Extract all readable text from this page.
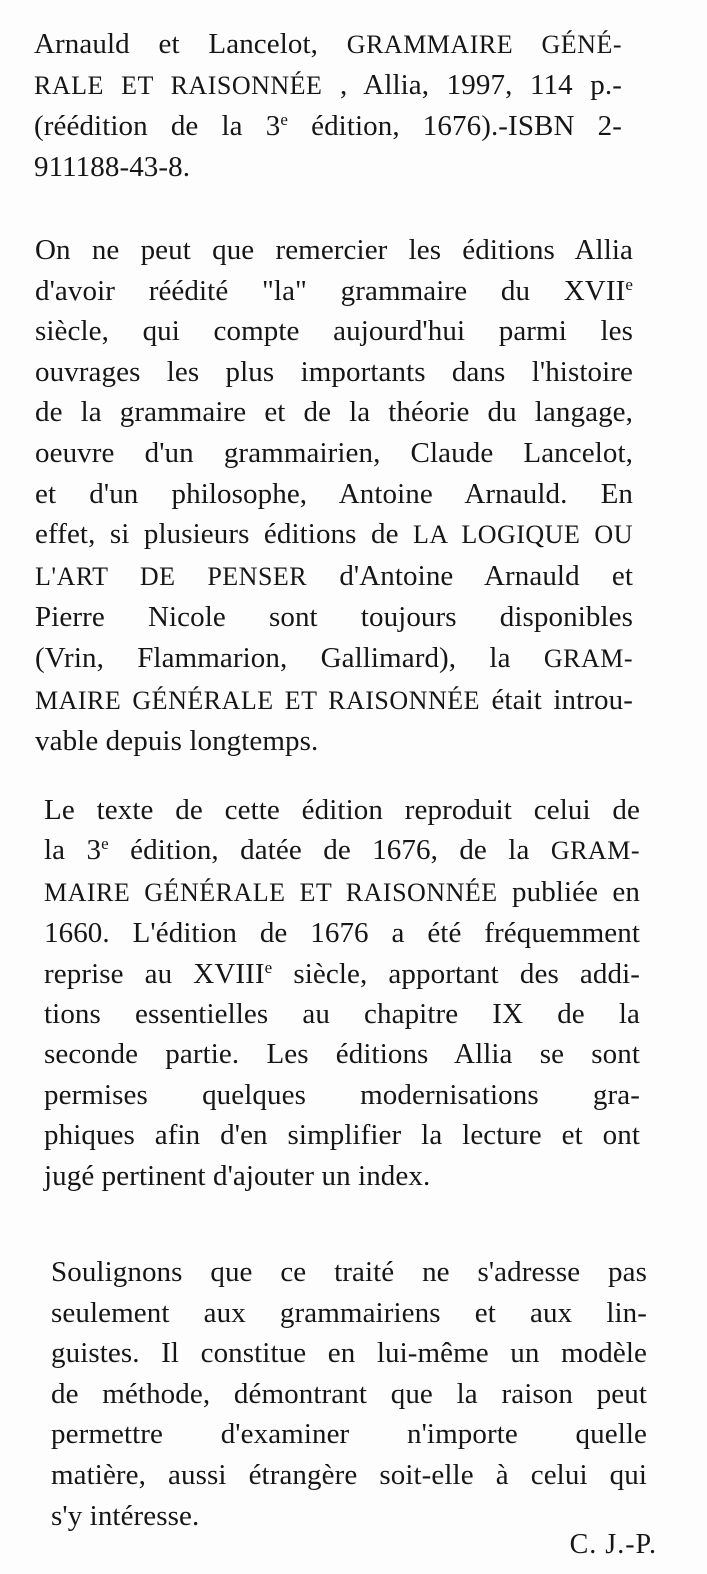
Arnauld et Lancelot, GRAMMAIRE GÉNÉ-
RALE ET RAISONNÉE , Allia, 1997, 114 p.-
(réédition de la 3e édition, 1676).-ISBN 2-
911188-43-8.
On ne peut que remercier les éditions Allia
d'avoir réédité "la" grammaire du XVIIe
siècle, qui compte aujourd'hui parmi les
ouvrages les plus importants dans l'histoire
de la grammaire et de la théorie du langage,
oeuvre d'un grammairien, Claude Lancelot,
et d'un philosophe, Antoine Arnauld. En
effet, si plusieurs éditions de LA LOGIQUE OU
L'ART DE PENSER d'Antoine Arnauld et
Pierre Nicole sont toujours disponibles
(Vrin, Flammarion, Gallimard), la GRAM-
MAIRE GÉNÉRALE ET RAISONNÉE était introu-
vable depuis longtemps.
Le texte de cette édition reproduit celui de
la 3e édition, datée de 1676, de la GRAM-
MAIRE GÉNÉRALE ET RAISONNÉE publiée en
1660. L'édition de 1676 a été fréquemment
reprise au XVIIIe siècle, apportant des addi-
tions essentielles au chapitre IX de la
seconde partie. Les éditions Allia se sont
permises quelques modernisations gra-
phiques afin d'en simplifier la lecture et ont
jugé pertinent d'ajouter un index.
Soulignons que ce traité ne s'adresse pas
seulement aux grammairiens et aux lin-
guistes. Il constitue en lui-même un modèle
de méthode, démontrant que la raison peut
permettre d'examiner n'importe quelle
matière, aussi étrangère soit-elle à celui qui
s'y intéresse.
C. J.-P.
